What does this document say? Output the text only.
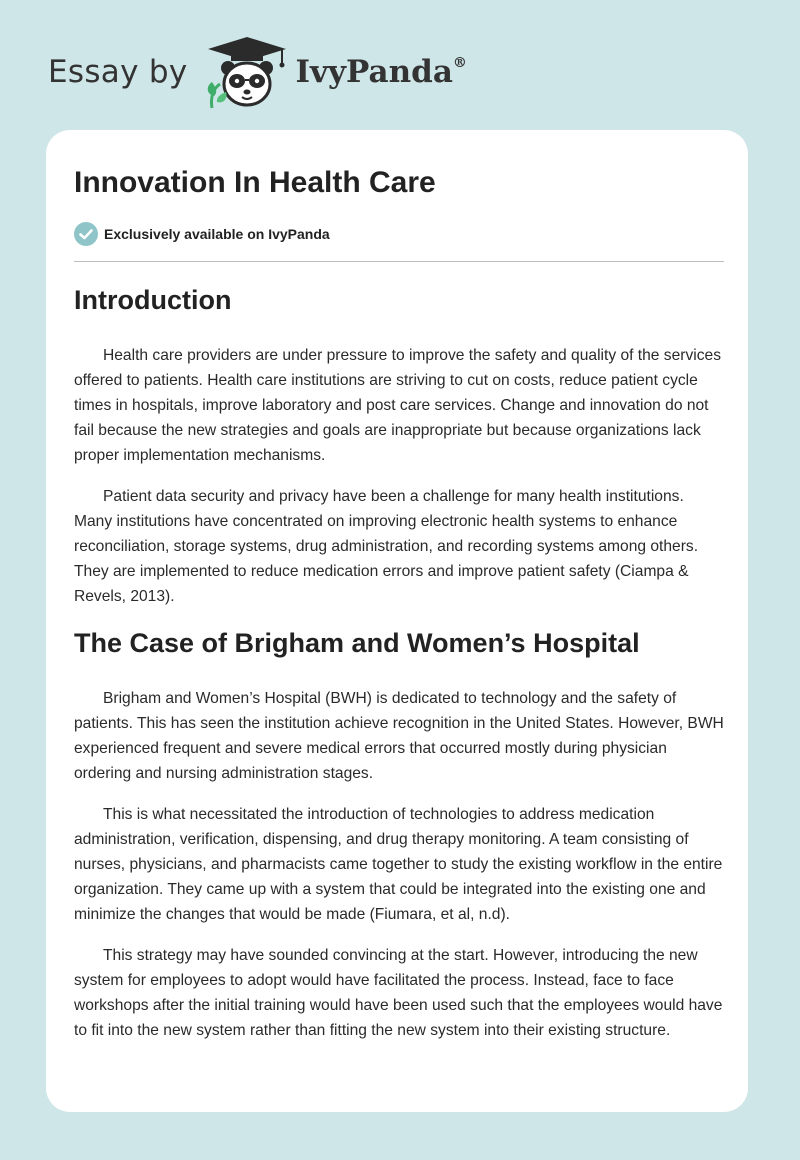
Essay by	IvyPanda®
Innovation In Health Care
Exclusively available on IvyPanda
Introduction

Health care providers are under pressure to improve the safety and quality of the services offered to patients. Health care institutions are striving to cut on costs, reduce patient cycle times in hospitals, improve laboratory and post care services. Change and innovation do not fail because the new strategies and goals are inappropriate but because organizations lack proper implementation mechanisms.

Patient data security and privacy have been a challenge for many health institutions. Many institutions have concentrated on improving electronic health systems to enhance reconciliation, storage systems, drug administration, and recording systems among others. They are implemented to reduce medication errors and improve patient safety (Ciampa & Revels, 2013).

The Case of Brigham and Women’s Hospital

Brigham and Women’s Hospital (BWH) is dedicated to technology and the safety of patients. This has seen the institution achieve recognition in the United States. However, BWH experienced frequent and severe medical errors that occurred mostly during physician ordering and nursing administration stages.

This is what necessitated the introduction of technologies to address medication administration, verification, dispensing, and drug therapy monitoring. A team consisting of nurses, physicians, and pharmacists came together to study the existing workflow in the entire organization. They came up with a system that could be integrated into the existing one and minimize the changes that would be made (Fiumara, et al, n.d).

This strategy may have sounded convincing at the start. However, introducing the new system for employees to adopt would have facilitated the process. Instead, face to face workshops after the initial training would have been used such that the employees would have to fit into the new system rather than fitting the new system into their existing structure.
